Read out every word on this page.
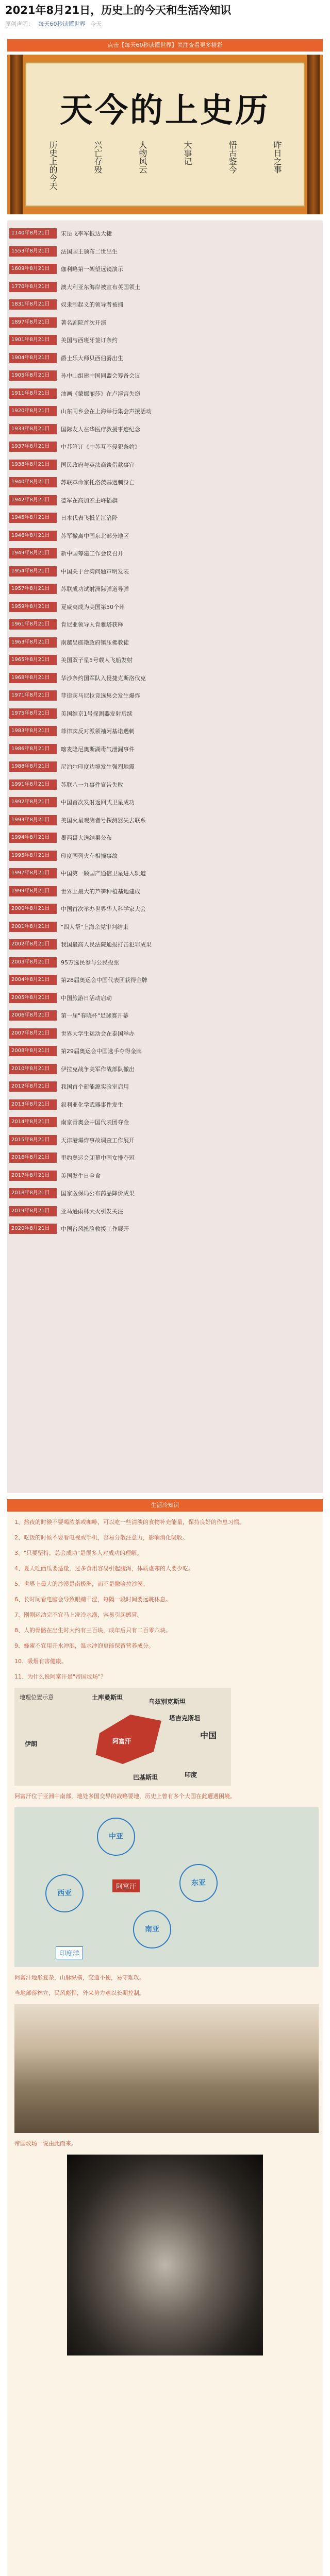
2021年8月21日，历史上的今天和生活冷知识
原创声明： 每天60秒读懂世界 今天
点击【每天60秒读懂世界】关注查看更多精彩
天今的上史历
历史上的今天	兴亡存殁	人物风云	大事记	悟古鉴今	昨日之事
1140年8月21日	宋岳飞率军抵达大捷
1553年8月21日	法国国王颁布二世出生
1609年8月21日	伽利略第一架望远镜演示
1770年8月21日	澳大利亚东海岸被宣布英国领土
1831年8月21日	奴隶制起义的领导者被捕
1897年8月21日	著名剧院首次开演
1901年8月21日	美国与西班牙签订条约
1904年8月21日	爵士乐大师贝西伯爵出生
1905年8月21日	孙中山组建中国同盟会筹备会议
1911年8月21日	油画《蒙娜丽莎》在卢浮宫失窃
1920年8月21日	山东同乡会在上海举行集会声援活动
1933年8月21日	国际友人在华医疗救援事迹纪念
1937年8月21日	中苏签订《中苏互不侵犯条约》
1938年8月21日	国民政府与英法商谈借款事宜
1940年8月21日	苏联革命家托洛茨基遇刺身亡
1942年8月21日	德军在高加索主峰插旗
1945年8月21日	日本代表飞抵芷江洽降
1946年8月21日	苏军撤离中国东北部分地区
1949年8月21日	新中国筹建工作会议召开
1954年8月21日	中国关于台湾问题声明发表
1957年8月21日	苏联成功试射洲际弹道导弹
1959年8月21日	夏威夷成为美国第50个州
1961年8月21日	肯尼亚领导人肯雅塔获释
1963年8月21日	南越吴庭艳政府镇压佛教徒
1965年8月21日	美国双子星5号载人飞船发射
1968年8月21日	华沙条约国军队入侵捷克斯洛伐克
1971年8月21日	菲律宾马尼拉竞选集会发生爆炸
1975年8月21日	美国维京1号探测器发射后续
1983年8月21日	菲律宾反对派领袖阿基诺遇刺
1986年8月21日	喀麦隆尼奥斯湖毒气泄漏事件
1988年8月21日	尼泊尔印度边境发生强烈地震
1991年8月21日	苏联八一九事件宣告失败
1992年8月21日	中国首次发射返回式卫星成功
1993年8月21日	美国火星观测者号探测器失去联系
1994年8月21日	墨西哥大选结果公布
1995年8月21日	印度两列火车相撞事故
1997年8月21日	中国第一颗国产通信卫星进入轨道
1999年8月21日	世界上最大的芦笋种植基地建成
2000年8月21日	中国首次举办世界华人科学家大会
2001年8月21日	"四人帮"上海余党审判结束
2002年8月21日	我国最高人民法院通报打击犯罪成果
2003年8月21日	95万选民参与公民投票
2004年8月21日	第28届奥运会中国代表团获得金牌
2005年8月21日	中国旅游日活动启动
2006年8月21日	第一届"春晓杯"足球赛开幕
2007年8月21日	世界大学生运动会在泰国举办
2008年8月21日	第29届奥运会中国选手夺得金牌
2010年8月21日	伊拉克战争美军作战部队撤出
2012年8月21日	我国首个新能源实验室启用
2013年8月21日	叙利亚化学武器事件发生
2014年8月21日	南京青奥会中国代表团夺金
2015年8月21日	天津港爆炸事故调查工作展开
2016年8月21日	里约奥运会闭幕中国女排夺冠
2017年8月21日	美国发生日全食
2018年8月21日	国家医保局公布药品降价成果
2019年8月21日	亚马逊雨林大火引发关注
2020年8月21日	中国台风抢险救援工作展开
生活冷知识

1、熬夜的时候不要喝浓茶或咖啡，可以吃一些清淡的食物补充能量，保持良好的作息习惯。

2、吃饭的时候不要看电视或手机，容易分散注意力，影响消化吸收。

3、"只要坚持，总会成功"是很多人对成功的理解。

4、夏天吃西瓜要适量，过多食用容易引起腹泻，体质虚寒的人要少吃。

5、世界上最大的沙漠是南极洲，而不是撒哈拉沙漠。

6、长时间看电脑会导致眼睛干涩，每隔一段时间要远眺休息。

7、刚刚运动完不宜马上洗冷水澡，容易引起感冒。

8、人的骨骼在出生时大约有三百块，成年后只有二百零六块。

9、蜂蜜不宜用开水冲泡，温水冲泡更能保留营养成分。

10、吸烟有害健康。

11、为什么说阿富汗是"帝国坟场"？

土库曼斯坦
乌兹别克斯坦
塔吉克斯坦
阿富汗
伊朗
巴基斯坦	印度
中国
地理位置示意

阿富汗位于亚洲中南部，地处多国交界的战略要地，历史上曾有多个大国在此遭遇困境。

中亚
西亚
东亚
南亚
阿富汗
印度洋

阿富汗地形复杂，山脉纵横，交通不便，易守难攻。

当地部落林立，民风彪悍，外来势力难以长期控制。

帝国坟场一说由此而来。
